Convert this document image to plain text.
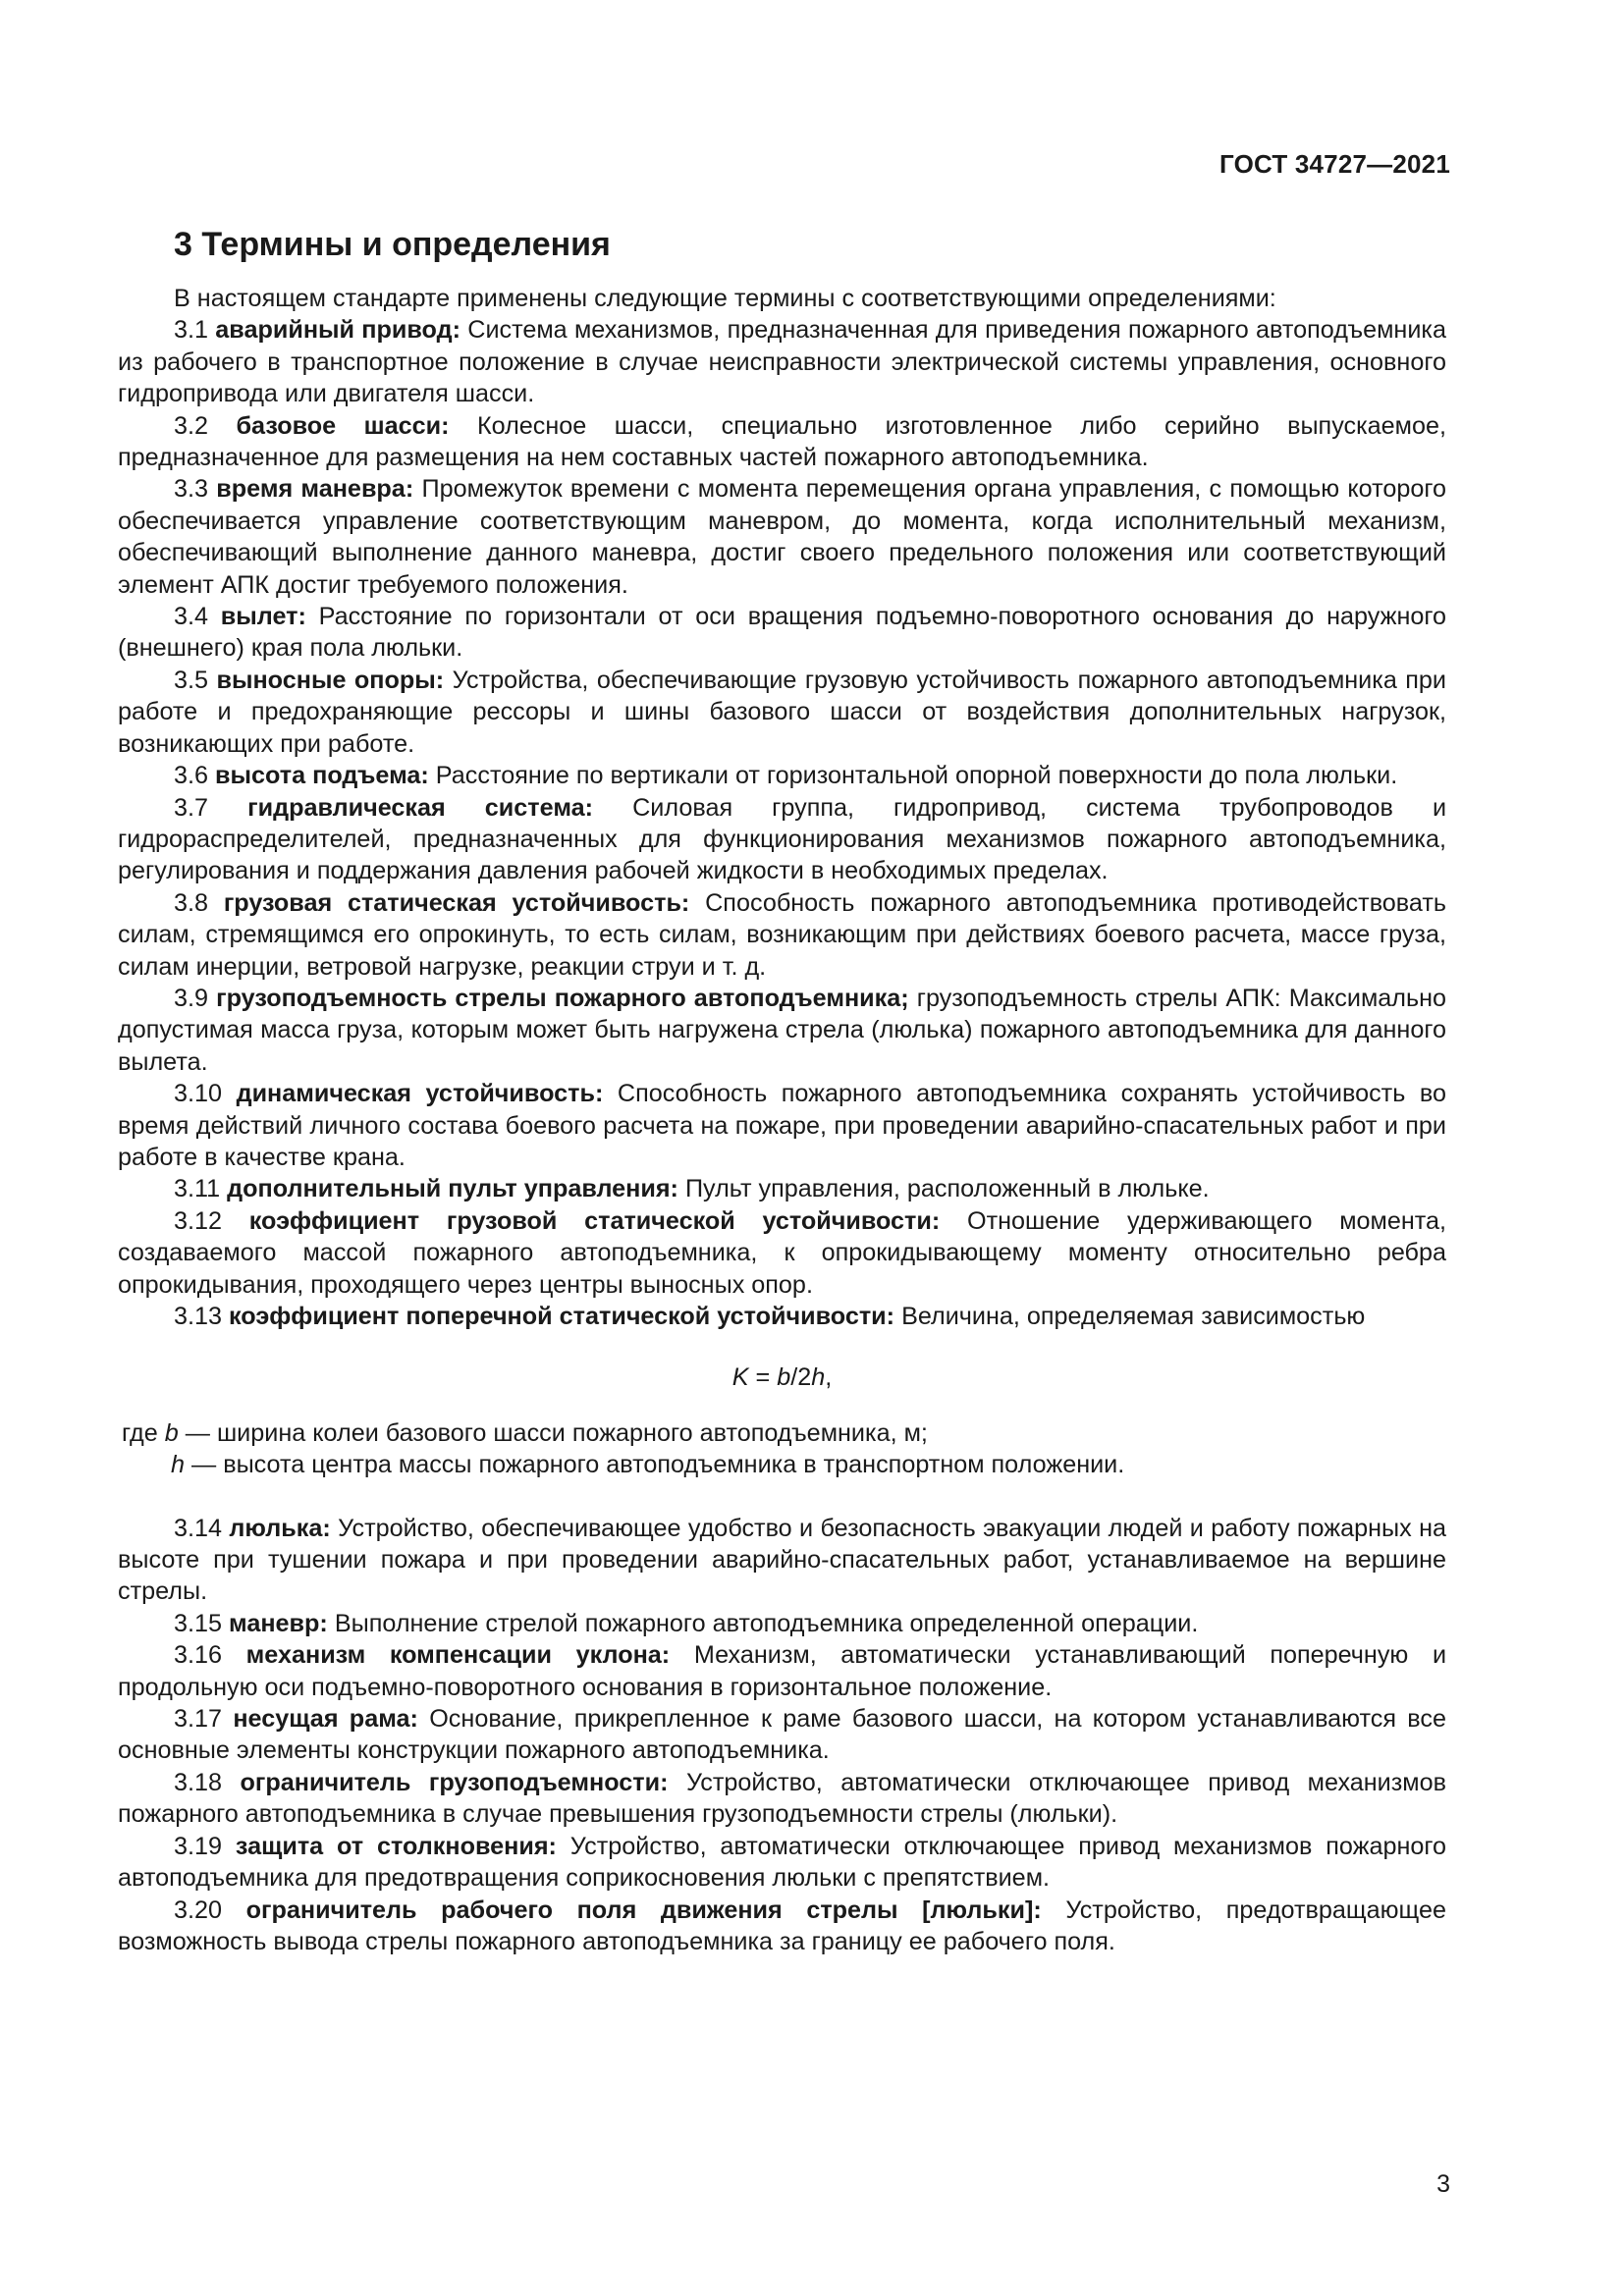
ГОСТ 34727—2021
3 Термины и определения

В настоящем стандарте применены следующие термины с соответствующими определениями:

3.1 аварийный привод: Система механизмов, предназначенная для приведения пожарного автоподъемника из рабочего в транспортное положение в случае неисправности электрической системы управления, основного гидропривода или двигателя шасси.

3.2 базовое шасси: Колесное шасси, специально изготовленное либо серийно выпускаемое, предназначенное для размещения на нем составных частей пожарного автоподъемника.

3.3 время маневра: Промежуток времени с момента перемещения органа управления, с помощью которого обеспечивается управление соответствующим маневром, до момента, когда исполнительный механизм, обеспечивающий выполнение данного маневра, достиг своего предельного положения или соответствующий элемент АПК достиг требуемого положения.

3.4 вылет: Расстояние по горизонтали от оси вращения подъемно-поворотного основания до наружного (внешнего) края пола люльки.

3.5 выносные опоры: Устройства, обеспечивающие грузовую устойчивость пожарного автоподъемника при работе и предохраняющие рессоры и шины базового шасси от воздействия дополнительных нагрузок, возникающих при работе.

3.6 высота подъема: Расстояние по вертикали от горизонтальной опорной поверхности до пола люльки.

3.7 гидравлическая система: Силовая группа, гидропривод, система трубопроводов и гидрораспределителей, предназначенных для функционирования механизмов пожарного автоподъемника, регулирования и поддержания давления рабочей жидкости в необходимых пределах.

3.8 грузовая статическая устойчивость: Способность пожарного автоподъемника противодействовать силам, стремящимся его опрокинуть, то есть силам, возникающим при действиях боевого расчета, массе груза, силам инерции, ветровой нагрузке, реакции струи и т. д.

3.9 грузоподъемность стрелы пожарного автоподъемника; грузоподъемность стрелы АПК: Максимально допустимая масса груза, которым может быть нагружена стрела (люлька) пожарного автоподъемника для данного вылета.

3.10 динамическая устойчивость: Способность пожарного автоподъемника сохранять устойчивость во время действий личного состава боевого расчета на пожаре, при проведении аварийно-спасательных работ и при работе в качестве крана.

3.11 дополнительный пульт управления: Пульт управления, расположенный в люльке.

3.12 коэффициент грузовой статической устойчивости: Отношение удерживающего момента, создаваемого массой пожарного автоподъемника, к опрокидывающему моменту относительно ребра опрокидывания, проходящего через центры выносных опор.

3.13 коэффициент поперечной статической устойчивости: Величина, определяемая зависимостью

K = b/2h,

где b — ширина колеи базового шасси пожарного автоподъемника, м;

h — высота центра массы пожарного автоподъемника в транспортном положении.

3.14 люлька: Устройство, обеспечивающее удобство и безопасность эвакуации людей и работу пожарных на высоте при тушении пожара и при проведении аварийно-спасательных работ, устанавливаемое на вершине стрелы.

3.15 маневр: Выполнение стрелой пожарного автоподъемника определенной операции.

3.16 механизм компенсации уклона: Механизм, автоматически устанавливающий поперечную и продольную оси подъемно-поворотного основания в горизонтальное положение.

3.17 несущая рама: Основание, прикрепленное к раме базового шасси, на котором устанавливаются все основные элементы конструкции пожарного автоподъемника.

3.18 ограничитель грузоподъемности: Устройство, автоматически отключающее привод механизмов пожарного автоподъемника в случае превышения грузоподъемности стрелы (люльки).

3.19 защита от столкновения: Устройство, автоматически отключающее привод механизмов пожарного автоподъемника для предотвращения соприкосновения люльки с препятствием.

3.20 ограничитель рабочего поля движения стрелы [люльки]: Устройство, предотвращающее возможность вывода стрелы пожарного автоподъемника за границу ее рабочего поля.

3
